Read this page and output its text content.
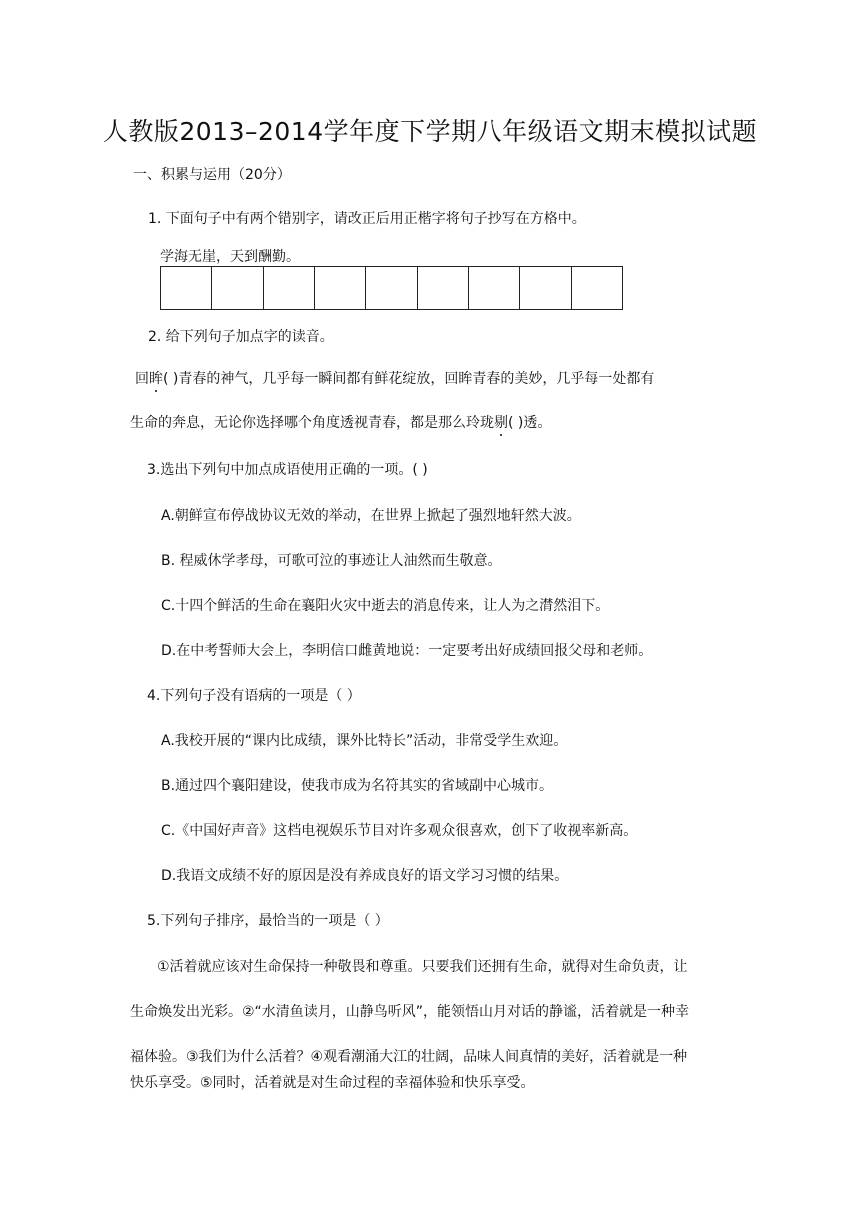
人教版2013–2014学年度下学期八年级语文期末模拟试题
一、积累与运用（20分）
1. 下面句子中有两个错别字，请改正后用正楷字将句子抄写在方格中。
学海无崖，天到酬勤。
2. 给下列句子加点字的读音。
回眸( )青春的神气，几乎每一瞬间都有鲜花绽放，回眸青春的美妙，几乎每一处都有
生命的奔息，无论你选择哪个角度透视青春，都是那么玲珑剔( )透。
3.选出下列句中加点成语使用正确的一项。( )
A.朝鲜宣布停战协议无效的举动，在世界上掀起了强烈地轩然大波。
B. 程威休学孝母，可歌可泣的事迹让人油然而生敬意。
C.十四个鲜活的生命在襄阳火灾中逝去的消息传来，让人为之潸然泪下。
D.在中考誓师大会上，李明信口雌黄地说：一定要考出好成绩回报父母和老师。
4.下列句子没有语病的一项是（ ）
A.我校开展的“课内比成绩，课外比特长”活动，非常受学生欢迎。
B.通过四个襄阳建设，使我市成为名符其实的省域副中心城市。
C.《中国好声音》这档电视娱乐节目对许多观众很喜欢，创下了收视率新高。
D.我语文成绩不好的原因是没有养成良好的语文学习习惯的结果。
5.下列句子排序，最恰当的一项是（ ）
①活着就应该对生命保持一种敬畏和尊重。只要我们还拥有生命，就得对生命负责，让
生命焕发出光彩。②“水清鱼读月，山静鸟听风”，能领悟山月对话的静谧，活着就是一种幸
福体验。③我们为什么活着？④观看潮涌大江的壮阔，品味人间真情的美好，活着就是一种
快乐享受。⑤同时，活着就是对生命过程的幸福体验和快乐享受。
